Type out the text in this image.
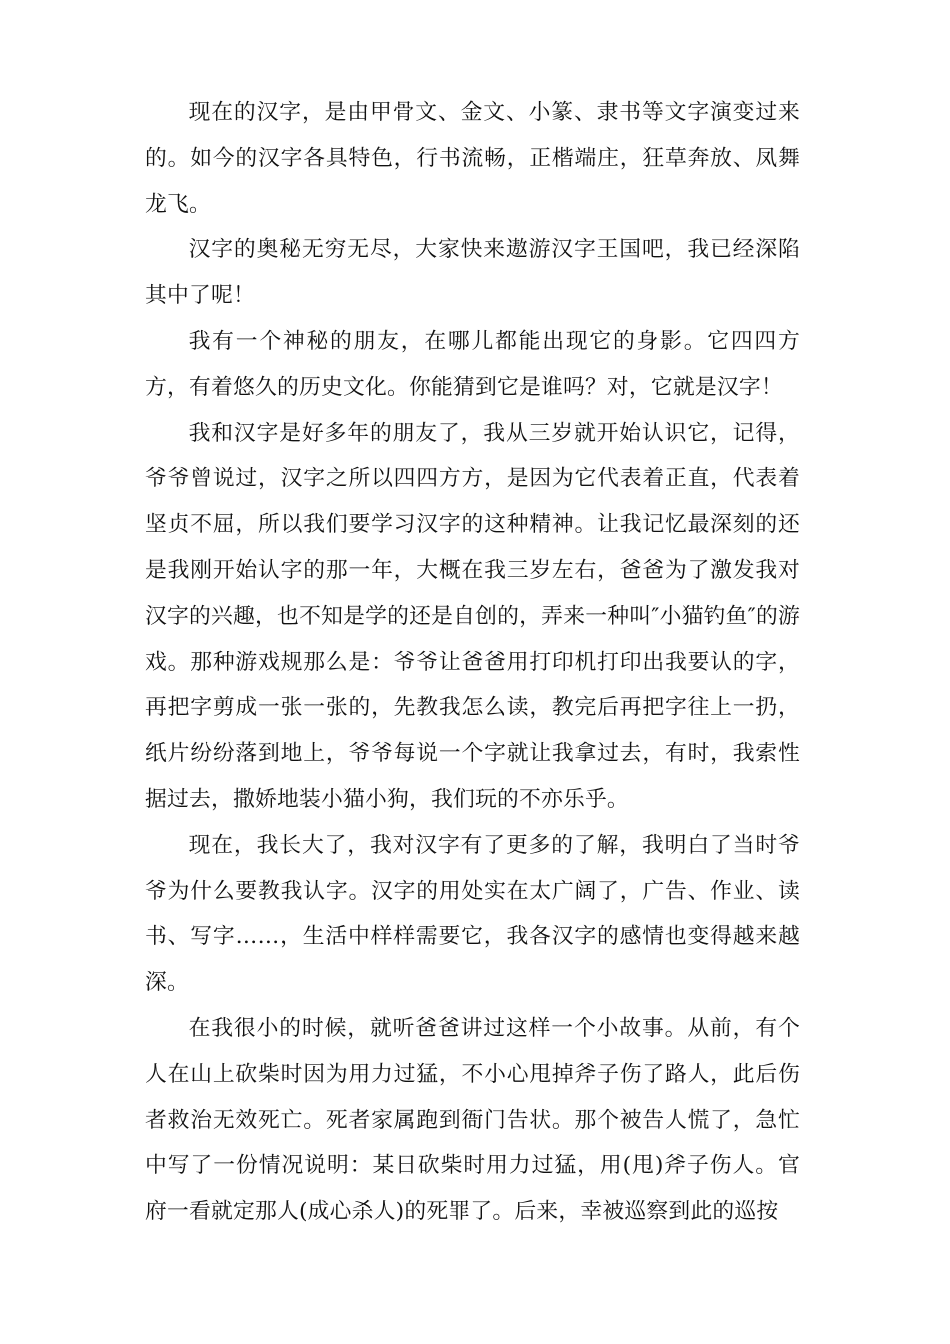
现在的汉字，是由甲骨文、金文、小篆、隶书等文字演变过来的。如今的汉字各具特色，行书流畅，正楷端庄，狂草奔放、凤舞龙飞。

汉字的奥秘无穷无尽，大家快来遨游汉字王国吧，我已经深陷其中了呢！

我有一个神秘的朋友，在哪儿都能出现它的身影。它四四方方，有着悠久的历史文化。你能猜到它是谁吗？对，它就是汉字！

我和汉字是好多年的朋友了，我从三岁就开始认识它，记得，爷爷曾说过，汉字之所以四四方方，是因为它代表着正直，代表着坚贞不屈，所以我们要学习汉字的这种精神。让我记忆最深刻的还是我刚开始认字的那一年，大概在我三岁左右，爸爸为了激发我对汉字的兴趣，也不知是学的还是自创的，弄来一种叫″小猫钓鱼″的游戏。那种游戏规那么是：爷爷让爸爸用打印机打印出我要认的字，再把字剪成一张一张的，先教我怎么读，教完后再把字往上一扔，纸片纷纷落到地上，爷爷每说一个字就让我拿过去，有时，我索性据过去，撒娇地装小猫小狗，我们玩的不亦乐乎。

现在，我长大了，我对汉字有了更多的了解，我明白了当时爷爷为什么要教我认字。汉字的用处实在太广阔了，广告、作业、读书、写字……，生活中样样需要它，我各汉字的感情也变得越来越深。

在我很小的时候，就听爸爸讲过这样一个小故事。从前，有个人在山上砍柴时因为用力过猛，不小心甩掉斧子伤了路人，此后伤者救治无效死亡。死者家属跑到衙门告状。那个被告人慌了，急忙中写了一份情况说明：某日砍柴时用力过猛，用(甩)斧子伤人。官府一看就定那人(成心杀人)的死罪了。后来，幸被巡察到此的巡按
